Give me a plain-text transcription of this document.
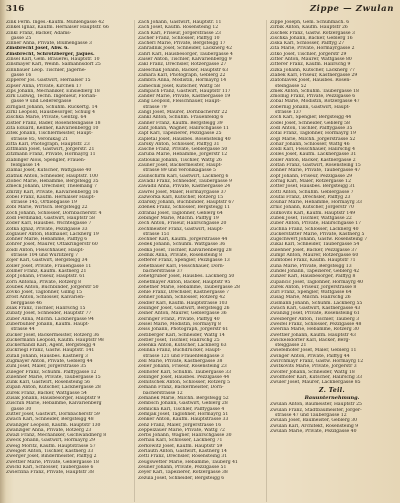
316	Zippe — Zwulan
Zink Ferm. Inges.-Kaufm. Muhlengasse 42
Zinkel Ignaz, Kaufm. Hernalser Hauptstr. 66
Zinkl Franz, Backer, Adams-
gasse 25
Zinner Anna, Private, Blumengasse 3
Zinsbrecht Josef, Abw. 6.
Zinsbrecht, Schrotzberger, Jaques.
Zinsel Karl, Gem. Brauerei, Hauptstr. 10
Zinsmayer Karl, Weinh. Salmannsdorf 25
Zinnbauer Leop. Tischler, Jagerne-
gasse 16
Zipperer Jos. Gastwirt, Hernalser 15
Zipser Anna, Private, Kirchen 17
Zips Johann, Mechaniker, Einsiedlerg 18
Zirk Ludwig, Techn. Ingenieur, Florian-
gasse 9 und Lederergasse
Zirngast Johann, Schuhm. Ruckertg. 14
Zirkl Leopold, Hausbesorger, Schulg 4
Zischka Marie, Private, Gentzg. 64
Zistler Franz, Bader, Rosensteingasse 18
Zita Eduard, Kellner, Kalvarienbergg 10
Zitek Johann, Tischlermeister, Haupt-
strasse 85, Veronikag 21
Zitta Karl, Photograph, Hauptstr. 23
Zittmann Josef, Gastwirt, Jorgerstr. 21
Zitzmann Franz, Private, Hormayrg 11
Zlabinger Alois, Spengler, Frauen-
feldgasse 14
Zlamal Josef, Kutscher, Wattgasse 40
Zlatnik Anton, Schneider, Hauptstr. 100
Zlobec Marie, Hebamme, Bergsteigg 35
Zmeck Johann, Drechsler, Thelemang 7
Zmrzly Karl, Private, Kalvarienbergg 16
Zobel Franz, Kaufm. Hernalser Haupt-
strasse 145, Ortliebgasse 19
Zobl Marie, Wirtsch. Bergsteigg 22
Zoch Johann, Schlosser, Dornbacherstr. 4
Zodl Ferdinand, Gastwirt, Hauptstr 58
Zoder Karl, Hausbes. Wichtelgasse 7
Zofka Ignaz, Private, Pezzlgasse 33
Zoglauer Anton, Bildhauer, Lacknerg 19
Zohner Marie, Hebamme, Palffyg 6
Zohrer Josef, Maurer, Ottakringerstr 60
Zoidl Anton, Fleischhauer, Haupt-
strasse 104 und Wurlitzerg 7
Zojer Karl, Gastwirt, Bergsteigg 34
Zoller Josef, Private, Frauengasse 11
Zollner Franz, Kaufm. Kastnerg 21
Zopf Johann, Friseur, Hauptstr. 61
Zorn Antonia, Private, Rotzerg 8
Zoubek Anton, Buchbinder, Jorgerstr 50
Zovko Josef, Taglohner, Gilmg 15
Zrost Anton, Schlosser, Kalvarien-
berggasse 46
Zsak Franz, Tischler, Halirschg 15
Zubaty Josef, Schneider, Hauptstr 77
Zuber Anna, Milchh. Lacknergasse 94
Zuberbuhler Johann, Kaufm. Haupt-
strasse 44
Zucker Josef, Backermeister, Rotzerg 36
Zuckermann Leopold, Kaufm. Hauptstr 98
Zuckerhandl Karl, Agent, Bergsteigg 4
Zuckriegl Franz, Gastw. Hauptstr. 141
Zufall Johann, Hausbes. Kastnerg 3
Zugmayer Anton, Private, Geblerg 44
Zuhl Josef, Maler, Jorgerstrasse 35
Zuleger Franz, Schuhm. Palffygasse 12
Zulehner Marie, Private, Taubergasse 15
Zunk Karl, Gastwirt, Rosensteing 56
Zupan Anton, Kutscher, Lacknergasse 28
Zurek Franz, Backer, Wattgasse 54
Zusak Johann, Hausbesorger, Hauptstr 9
Zuschin Marie, Hebamme, Kalvarienberg
gasse 30
Zutter Josef, Gastwirt, Dornbacherstr 59
Zwach Karl, Schneider, Bergsteigg 48
Zwanzger Leopold, Kaufm. Hauptstr 130
Zwanziger Anna, Private, Rotzerg 23
Zwazl Franz, Mechaniker, Gschwandnerg 8
Zweck Johann, Gastwirt, Hormayrg 29
Zweig Moritz, Kaufm. Hauptstrasse 57
Zweigelt Anton, Tischler, Kastnerg 33
Zwerger Josef, Bindermeister, Palffyg 2
Zwettler Marie, Private, Geblergasse 18
Zwickl Karl, Schlosser, Taubergasse 6
Zwierzina Franz, Private, Hauptstr 38
Zach Johann, Gastwirt, Hauptstr. 11
Zach Josef, Kaufm. Rosensteing 12
Zach Karl, Friseur, Jorgerstrasse 23
Zacher Franz, Schlosser, Palffyg 10
Zacherl Marie, Private, Bergsteigg 17
Zahradnik Josef, Schneider, Lacknerg 42
Zahrl Karl, Hausbesorger, Taubergasse 4
Zaiser Anton, Tischler, Kalvarienbergg 9
Zakl Franz, Drechsler, Rotzergasse 27
Zaleschak Johann, Backer, Hauptstr 63
Zamara Karl, Photograph, Geblerg 22
Zambra Anna, Modistin, Hormayrg 14
Zamecnik Josef, Kutscher, Wattg 58
Zampach Franz, Gastwirt, Hauptstr 117
Zander Marie, Private, Kastnergasse 19
Zang Leopold, Fleischhauer, Haupt-
strasse 79
Zangl Josef, Maurer, Dornbacherstr 22
Zankl Anton, Schuhm. Frauenfeldg 6
Zanner Franz, Kaufm. Bergsteigg 39
Zant Johann, Wagner, Halirschgasse 11
Zapf Karl, Tapezierer, Pezzlgasse 25
Zapletal Josef, Hausbes. Rosensteing 40
Zarsky Anton, Schlosser, Palffyg 31
Zasche Franz, Private, Geblergasse 50
Zaruba Marie, Hebamme, Jorgerstr 12
Zatloukal Johann, Tischler, Wattg 26
Zauner Josef, Backermeister, Haupt-
strasse 89 und Veronikagasse 5
Zaunschirm Karl, Gastwirt, Lacknerg 6
Zavadil Franz, Schneider, Taubergasse 9
Zawadil Anna, Private, Kastnergasse 24
Zawrel Josef, Maler, Hormayrgasse 37
Zazworka Karl, Kutscher, Rotzerg 15
Zdarsky Johann, Buchbinder, Hauptstr 67
Zdenek Franz, Schlosser, Bergsteigg 11
Zdrahal Josef, Taglohner, Geblerg 64
Zebinger Marie, Milchh. Palffyg 19
Zech Anton, Friseur, Halirschgasse 20
Zechmeister Franz, Gastwirt, Haupt-
strasse 151
Zechner Karl, Kaufm. Jorgerstrasse 44
Zedek Johann, Schuhm. Wattgasse 36
Zedka Josef, Tischler, Kalvarienbergg 28
Zednik Anna, Private, Rosensteing 8
Zefferer Franz, Spengler, Pezzlgasse 13
Zehetbauer Karl, Fleischhauer, Dorn-
bacherstrasse 37
Zehetgruber Josef, Hausbes. Lacknerg 50
Zehetmayer Anton, Backer, Hauptstr 95
Zehetner Marie, Hebamme, Taubergasse 28
Zehle Franz, Drechsler, Kastnergasse 7
Zehner Johann, Schlosser, Rotzerg 42
Zeidler Karl, Kaufm. Hauptstrasse 103
Zeilinger Josef, Gastwirt, Bergsteigg 26
Zeiner Anton, Maurer, Geblergasse 36
Zeiringer Franz, Private, Palffyg 40
Zeisel Marie, Modistin, Hormayrg 8
Zeiss Johann, Photograph, Jorgerstr 61
Zeitlberger Karl, Schneider, Wattg 14
Zeitler Josef, Tischler, Halirschg 25
Zelenka Anton, Kutscher, Lacknerg 63
Zelinka Franz, Buchdrucker, Haupt-
strasse 121 und Frauenfeldgasse 3
Zell Marie, Private, Kastnergasse 38
Zeller Johann, Friseur, Rosensteing 23
Zellhofer Karl, Schuhm. Taubergasse 33
Zellinger Josef, Hausbes. Pezzlgasse 44
Zelnitschek Anton, Schlosser, Rotzerg 5
Zemann Franz, Backermeister, Dorn-
bacherstrasse 12
Zemanek Marie, Milchh. Bergsteigg 52
Zembsch Johann, Gastwirt, Geblerg 28
Zemlicka Karl, Tischler, Palffygasse 4
Zemljak Josef, Taglohner, Hormayrg 51
Zenker Anton, Kaufm. Hauptstrasse 33
Zenz Franz, Maler, Jorgerstrasse 16
Zeppelzauer Marie, Private, Wattg 72
Zerbs Johann, Wagner, Halirschgasse 30
Zerhau Karl, Schlosser, Lacknerg 71
Zerkowitz Josef, Kaufm. Hauptstr 59
Zerlauth Anton, Gastwirt, Kastnerg 14
Zettl Franz, Drechsler, Rosensteing 31
Zeugswetter Marie, Hebamme, Tauberg 41
Zeuner Johann, Private, Pezzlgasse 51
Zeyer Karl, Tapezierer, Rotzergasse 38
Zezula Josef, Schneider, Bergsteigg 6
Zippe Joseph, Gem. Schuhmach. 6
Zirbik Anton, Kaufm. Hauptstr 26
Zischek Franz, Gastw. Rotzergasse 3
Zischka Johann, Backer, Geblerg 16
Ziska Karl, Schlosser, Palffyg 27
Zita Marie, Private, Hormayrgasse 2
Zitko Josef, Tischler, Jorgerstr 29
Zitter Anton, Maurer, Wattgasse 80
Zitterer Franz, Kaufm. Halirschg 9
Zizka Johann, Kutscher, Lacknerg 77
Zlabek Karl, Friseur, Kastnergasse 29
Zlatohlavek Josef, Hausbes. Rosen-
steingasse 52
Zmek Anton, Schuhm. Taubergasse 18
Zmolnig Franz, Private, Pezzlgasse 6
Zobal Marie, Modistin, Rotzergasse 47
Zobernig Johann, Gastwirt, Haupt-
strasse 137
Zoch Karl, Spengler, Bergsteigg 44
Zodel Josef, Schneider, Geblerg 58
Zodl Anton, Tischler, Palffygasse 35
Zofal Franz, Taglohner, Hormayrg 19
Zogl Marie, Milchh. Jorgerstrasse 52
Zohar Johann, Schlosser, Wattg 46
Zoidl Karl, Fleischhauer, Halirschg 4
Zolles Josef, Kaufm. Lacknergasse 31
Zoller Anton, Backer, Kastnergasse 2
Zoltan Franz, Gastwirt, Rosensteing 15
Zonner Marie, Private, Taubergasse 47
Zopf Johann, Friseur, Pezzlgasse 29
Zornig Karl, Maler, Rotzergasse 12
Zotter Josef, Hausbes. Bergsteigg 31
Zottl Anton, Schuhm. Geblergasse 7
Zoufal Franz, Drechsler, Palffyg 23
Zouhar Marie, Hebamme, Hormayrg 33
Zrnic Johann, Kutscher, Jorgerstr 70
Zsifkovits Karl, Kaufm. Hauptstr 149
Zubek Josef, Tischler, Wattgasse 22
Zuber Anton, Private, Halirschgasse 17
Zuchna Franz, Schlosser, Lacknerg 40
Zuckerstatter Marie, Private, Kastnerg 5
Zugschwert Johann, Gastw. Rosensteing 7
Zukal Karl, Schneider, Taubergasse 54
Zulehner Josef, Backer, Pezzlgasse 37
Zumpf Anton, Maurer, Rotzergasse 60
Zumtobel Franz, Kaufm. Hauptstr 71
Zuna Marie, Private, Bergsteigg 13
Zundel Johann, Tapezierer, Geblerg 42
Zunzer Karl, Hausbesorger, Palffyg 8
Zupancic Josef, Taglohner, Hormayrg 40
Zurek Anton, Friseur, Jorgerstrasse 8
Zurl Franz, Spengler, Wattgasse 64
Zusag Marie, Milchh. Halirschg 26
Zusmann Johann, Schuhm. Lacknerg 55
Zwach Karl, Gastwirt, Kastnergasse 43
Zwanzig Josef, Private, Rosensteing 61
Zweiberger Anton, Tischler, Tauberg 3
Zweifel Franz, Schlosser, Pezzlgasse 48
Zwerina Marie, Hebamme, Rotzerg 30
Zwettler Johann, Kaufm. Hauptstr 43
Zwickelsdorfer Karl, Backer, Berg-
steiggasse 21
Zwiefelhofer Josef, Maler, Geblerg 11
Zwinger Anton, Private, Palffyg 44
Zwirchmayr Franz, Gastw. Hormayrg 12
Zwitkovits Marie, Private, Jorgerstr 3
Zwölfer Johann, Schneider, Wattg 18
Zwölfhofer Karl, Kutscher, Halirschg 33
Zwuler Josef, Maurer, Lacknergasse 85
Z. Teil.
Bauunternehmung.
Zwulan Anton, Baumeister, Hauptstr 25
Zwulan Franz, Stadtbaumeister, Jorger-
strasse 47 und Taubergasse 12
Zwulan Josef, Baumeister, Geblerg 30
Zwulan Karl, Architekt, Rosensteing 9
Zwulan Marie, Private, Pezzlgasse 40
